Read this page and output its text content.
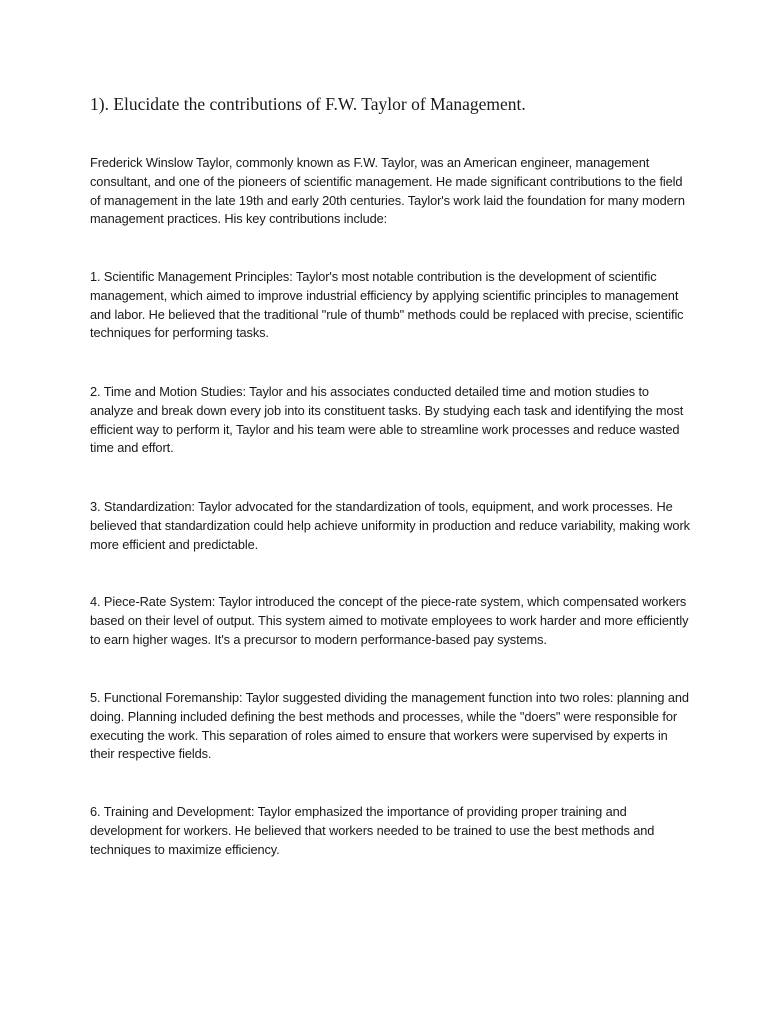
1). Elucidate the contributions of F.W. Taylor of Management.

Frederick Winslow Taylor, commonly known as F.W. Taylor, was an American engineer, management consultant, and one of the pioneers of scientific management. He made significant contributions to the field of management in the late 19th and early 20th centuries. Taylor's work laid the foundation for many modern management practices. His key contributions include:

1. Scientific Management Principles: Taylor's most notable contribution is the development of scientific management, which aimed to improve industrial efficiency by applying scientific principles to management and labor. He believed that the traditional "rule of thumb" methods could be replaced with precise, scientific techniques for performing tasks.

2. Time and Motion Studies: Taylor and his associates conducted detailed time and motion studies to analyze and break down every job into its constituent tasks. By studying each task and identifying the most efficient way to perform it, Taylor and his team were able to streamline work processes and reduce wasted time and effort.

3. Standardization: Taylor advocated for the standardization of tools, equipment, and work processes. He believed that standardization could help achieve uniformity in production and reduce variability, making work more efficient and predictable.

4. Piece-Rate System: Taylor introduced the concept of the piece-rate system, which compensated workers based on their level of output. This system aimed to motivate employees to work harder and more efficiently to earn higher wages. It's a precursor to modern performance-based pay systems.

5. Functional Foremanship: Taylor suggested dividing the management function into two roles: planning and doing. Planning included defining the best methods and processes, while the "doers" were responsible for executing the work. This separation of roles aimed to ensure that workers were supervised by experts in their respective fields.

6. Training and Development: Taylor emphasized the importance of providing proper training and development for workers. He believed that workers needed to be trained to use the best methods and techniques to maximize efficiency.
